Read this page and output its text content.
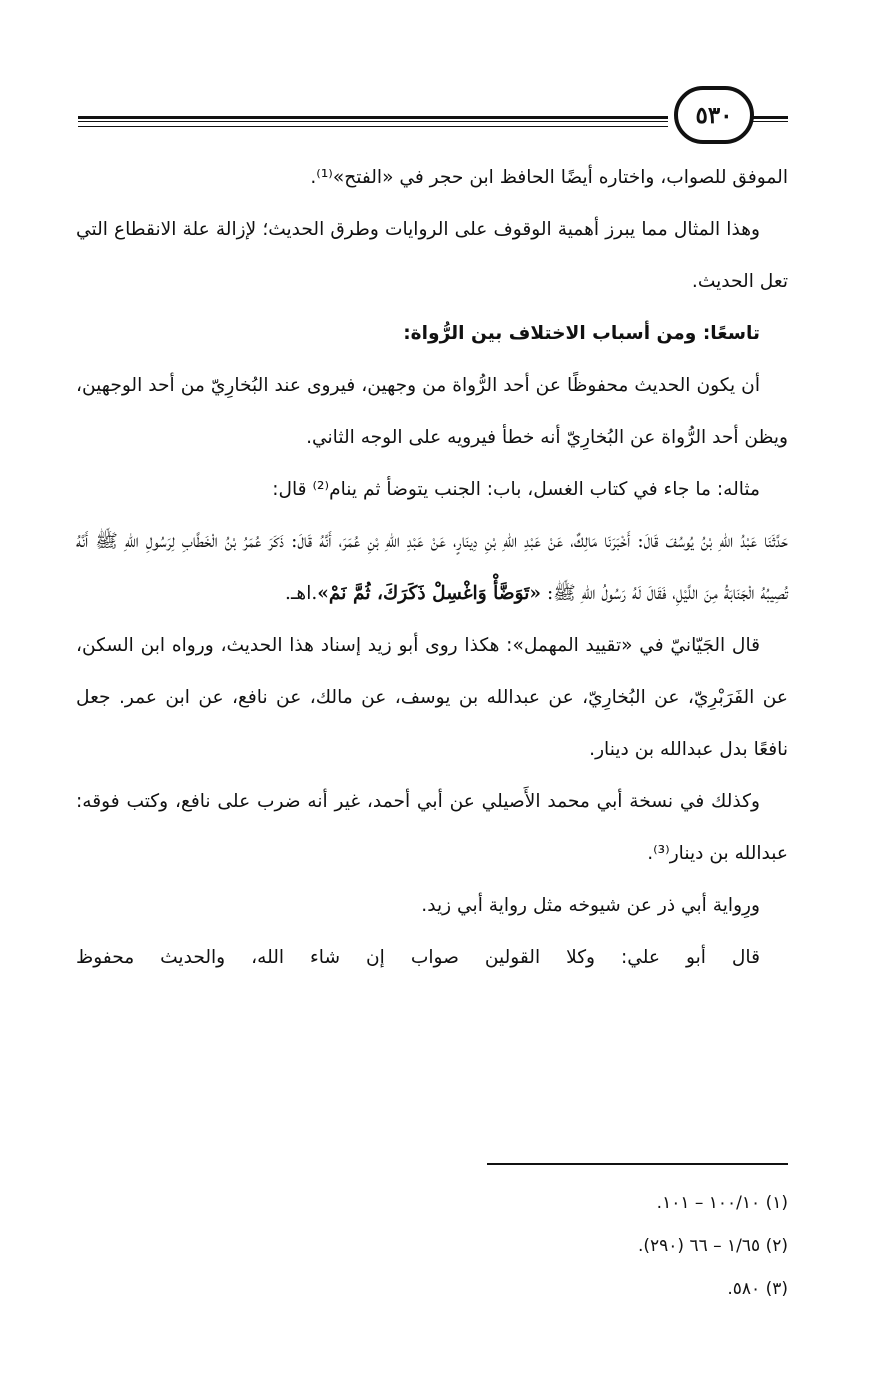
٥٣٠

الموفق للصواب، واختاره أيضًا الحافظ ابن حجر في «الفتح»⁽¹⁾.

وهذا المثال مما يبرز أهمية الوقوف على الروايات وطرق الحديث؛ لإزالة علة الانقطاع التي تعل الحديث.

تاسعًا: ومن أسباب الاختلاف بين الرُّواة:

أن يكون الحديث محفوظًا عن أحد الرُّواة من وجهين، فيروى عند البُخارِيّ من أحد الوجهين، ويظن أحد الرُّواة عن البُخارِيّ أنه خطأ فيرويه على الوجه الثاني.

مثاله: ما جاء في كتاب الغسل، باب: الجنب يتوضأ ثم ينام⁽²⁾ قال:

حَدَّثَنَا عَبْدُ اللهِ بْنُ يُوسُفَ قَالَ: أَخْبَرَنَا مَالِكٌ، عَنْ عَبْدِ اللهِ بْنِ دِينَارٍ، عَنْ عَبْدِ اللهِ بْنِ عُمَرَ، أَنَّهُ قَالَ: ذَكَرَ عُمَرُ بْنُ الْخَطَّابِ لِرَسُولِ اللهِ ﷺ أَنَّهُ تُصِيبُهُ الْجَنَابَةُ مِنَ اللَّيْلِ، فَقَالَ لَهُ رَسُولُ اللهِ ﷺ: «تَوَضَّأْ وَاغْسِلْ ذَكَرَكَ، ثُمَّ نَمْ».اهـ.

قال الجَيّانيّ في «تقييد المهمل»: هكذا روى أبو زيد إسناد هذا الحديث، ورواه ابن السكن، عن الفَرَبْرِيّ، عن البُخارِيّ، عن عبدالله بن يوسف، عن مالك، عن نافع، عن ابن عمر. جعل نافعًا بدل عبدالله بن دينار.

وكذلك في نسخة أبي محمد الأَصيلي عن أبي أحمد، غير أنه ضرب على نافع، وكتب فوقه: عبدالله بن دينار⁽³⁾.

ورِواية أبي ذر عن شيوخه مثل رواية أبي زيد.

قال أبو علي: وكلا القولين صواب إن شاء الله، والحديث محفوظ

(١) ١٠٠/١٠ – ١٠١.
(٢) ١/٦٥ – ٦٦ (٢٩٠).
(٣) ٥٨٠.
